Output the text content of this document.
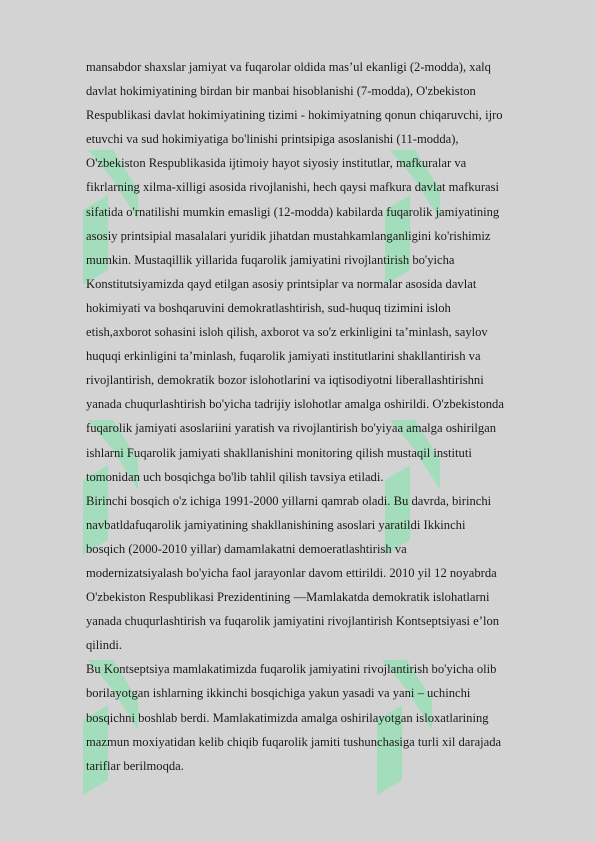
mansabdor shaxslar jamiyat va fuqarolar oldida mas’ul ekanligi (2-modda), xalq
davlat hokimiyatining birdan bir manbai hisoblanishi (7-modda), O'zbekiston
Respublikasi davlat hokimiyatining tizimi - hokimiyatning qonun chiqaruvchi, ijro
etuvchi va sud hokimiyatiga bo'linishi printsipiga asoslanishi (11-modda),
O'zbekiston Respublikasida ijtimoiy hayot siyosiy institutlar, mafkuralar va
fikrlarning xilma-xilligi asosida rivojlanishi, hech qaysi mafkura davlat mafkurasi
sifatida o'rnatilishi mumkin emasligi (12-modda) kabilarda fuqarolik jamiyatining
asosiy printsipial masalalari yuridik jihatdan mustahkamlanganligini ko'rishimiz
mumkin. Mustaqillik yillarida fuqarolik jamiyatini rivojlantirish bo'yicha
Konstitutsiyamizda qayd etilgan asosiy printsiplar va normalar asosida davlat
hokimiyati va boshqaruvini demokratlashtirish, sud-huquq tizimini isloh
etish,axborot sohasini isloh qilish, axborot va so'z erkinligini ta’minlash, saylov
huquqi erkinligini ta’minlash, fuqarolik jamiyati institutlarini shakllantirish va
rivojlantirish, demokratik bozor islohotlarini va iqtisodiyotni liberallashtirishni
yanada chuqurlashtirish bo'yicha tadrijiy islohotlar amalga oshirildi. O'zbekistonda
fuqarolik jamiyati asoslariini yaratish va rivojlantirish bo'yiyaa amalga oshirilgan
ishlarni Fuqarolik jamiyati shakllanishini monitoring qilish mustaqil instituti
tomonidan uch bosqichga bo'lib tahlil qilish tavsiya etiladi.
Birinchi bosqich o'z ichiga 1991-2000 yillarni qamrab oladi. Bu davrda, birinchi
navbatldafuqarolik jamiyatining shakllanishining asoslari yaratildi Ikkinchi
bosqich (2000-2010 yillar) damamlakatni demoeratlashtirish va
modernizatsiyalash bo'yicha faol jarayonlar davom ettirildi. 2010 yil 12 noyabrda
O'zbekiston Respublikasi Prezidentining —Mamlakatda demokratik islohatlarni
yanada chuqurlashtirish va fuqarolik jamiyatini rivojlantirish Kontseptsiyasi e’lon
qilindi.
Bu Kontseptsiya mamlakatimizda fuqarolik jamiyatini rivojlantirish bo'yicha olib
borilayotgan ishlarning ikkinchi bosqichiga yakun yasadi va yani – uchinchi
bosqichni boshlab berdi. Mamlakatimizda amalga oshirilayotgan isloxatlarining
mazmun moxiyatidan kelib chiqib fuqarolik jamiti tushunchasiga turli xil darajada
tariflar berilmoqda.
